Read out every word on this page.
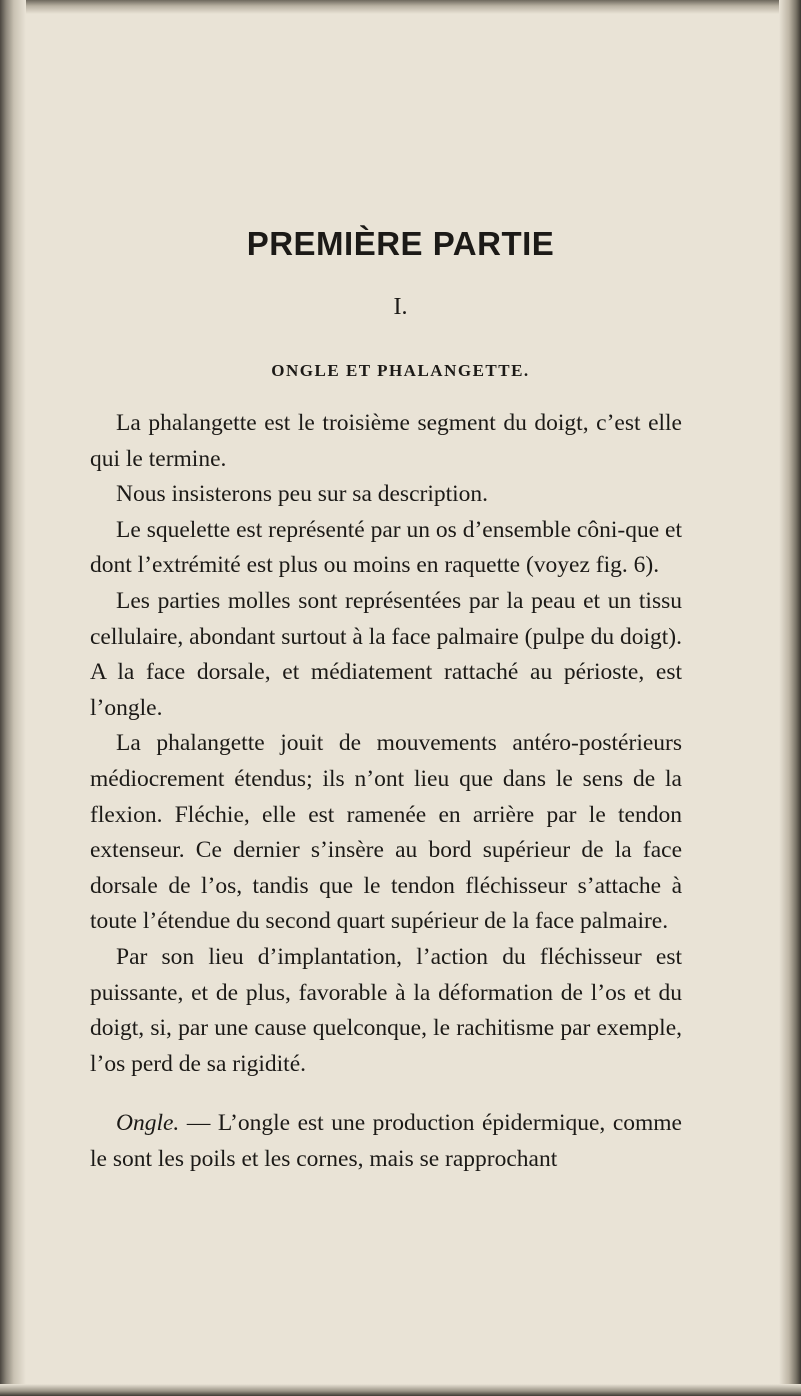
PREMIÈRE PARTIE
I.
ONGLE ET PHALANGETTE.

La phalangette est le troisième segment du doigt, c’est elle qui le termine.

Nous insisterons peu sur sa description.

Le squelette est représenté par un os d’ensemble côni-que et dont l’extrémité est plus ou moins en raquette (voyez fig. 6).

Les parties molles sont représentées par la peau et un tissu cellulaire, abondant surtout à la face palmaire (pulpe du doigt). A la face dorsale, et médiatement rattaché au périoste, est l’ongle.

La phalangette jouit de mouvements antéro-postérieurs médiocrement étendus; ils n’ont lieu que dans le sens de la flexion. Fléchie, elle est ramenée en arrière par le tendon extenseur. Ce dernier s’insère au bord supérieur de la face dorsale de l’os, tandis que le tendon fléchisseur s’attache à toute l’étendue du second quart supérieur de la face palmaire.

Par son lieu d’implantation, l’action du fléchisseur est puissante, et de plus, favorable à la déformation de l’os et du doigt, si, par une cause quelconque, le rachitisme par exemple, l’os perd de sa rigidité.

Ongle. — L’ongle est une production épidermique, comme le sont les poils et les cornes, mais se rapprochant
